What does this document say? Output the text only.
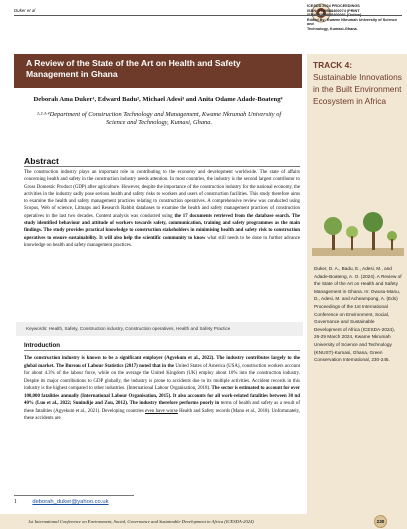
Duker et al
ICESDA 2024 PROCEEDINGS
ISBN: 9789988400074 (PRINT
Edited By: Kwame Nkrumah University of Science and
Technology, Kumasi-Ghana.
A Review of the State of the Art on Health and Safety Management in Ghana
TRACK 4:
Sustainable Innovations in the Built Environment Ecosystem in Africa
Duker, D. A., Badu, E., Adesi, M., and Adade-Boateng, A. O. (2024). A Review of the State of the Art on Health and Safety Management in Ghana. In: Owusu-Manu, D., Adesi, M. and Acheampong, A. (Eds) Proceedings of the 1st International Conference on Environment, Social, Governance and Sustainable Development of Africa (ICESDA-2024), 26-29 March 2024, Kwame Nkrumah University of Science and Technology (KNUST)-Kumasi, Ghana, Green Conservation International, 230-245.
Deborah Ama Duker¹, Edward Badu², Michael Adesi³ and Anita Odame Adade-Boateng⁴
¹·²·³·⁴Department of Construction Technology and Management, Kwame Nkrumah University of Science and Technology, Kumasi, Ghana.
Abstract
The construction industry plays an important role in contributing to the economy and development worldwide. The state of affairs concerning health and safety in the construction industry needs attention. In most countries, the industry is the second largest contributor to Gross Domestic Product (GDP) after agriculture. However, despite the importance of the construction industry for the national economy, the activities in the industry sadly pose serious health and safety risks to workers and users of construction facilities. This study therefore aims to examine the health and safety management practices relating to construction operatives. A comprehensive review was conducted using Scopus, Web of science, Litmaps and Research Rabbit databases to examine the health and safety management practices of construction operatives in the last two decades. Content analysis was conducted using the 17 documents retrieved from the database search. The study identified behaviour and attitude of workers towards safety, communication, training and safety programmes as the main findings. The study provides practical knowledge to construction stakeholders in minimising health and safety risk to construction operatives to ensure sustainability. It will also help the scientific community to know what still needs to be done to further advance knowledge on health and safety management practices.
Keywords: Health, Safety, Construction industry, Construction operatives, Health and Safety Practice
Introduction
The construction industry is known to be a significant employer (Agyekum et al., 2022). The industry contributes largely to the global market. The Bureau of Labour Statistics (2017) noted that in the United States of America (USA), construction workers account for about 4.3% of the labour force, while on the average the United Kingdom (UK) employ about 10% into the construction industry. Despite its major contributions to GDP globally, the industry is prone to accidents due to its multiple activities. Accident records in this industry is the highest compared to other industries. (International Labour Organisation, 2018). The sector is estimated to account for over 100,000 fatalities annually (International Labour Organisation, 2015). It also accounts for all work-related fatalities between 30 nd 40% (Luo et al., 2022; Sunindijo and Zou, 2012). The industry therefore performs poorly in terms of health and safety as a result of these fatalities (Agyekum et al., 2021). Developing countries even have worse Health and Safety records (Manu et al., 2018). Unfortunately, these accidents are
1	deborah_duker@yahoo.co.uk
1st International Conference on Environment, Social, Governance and Sustainable Development in Africa (ICESDA-2024)	230
